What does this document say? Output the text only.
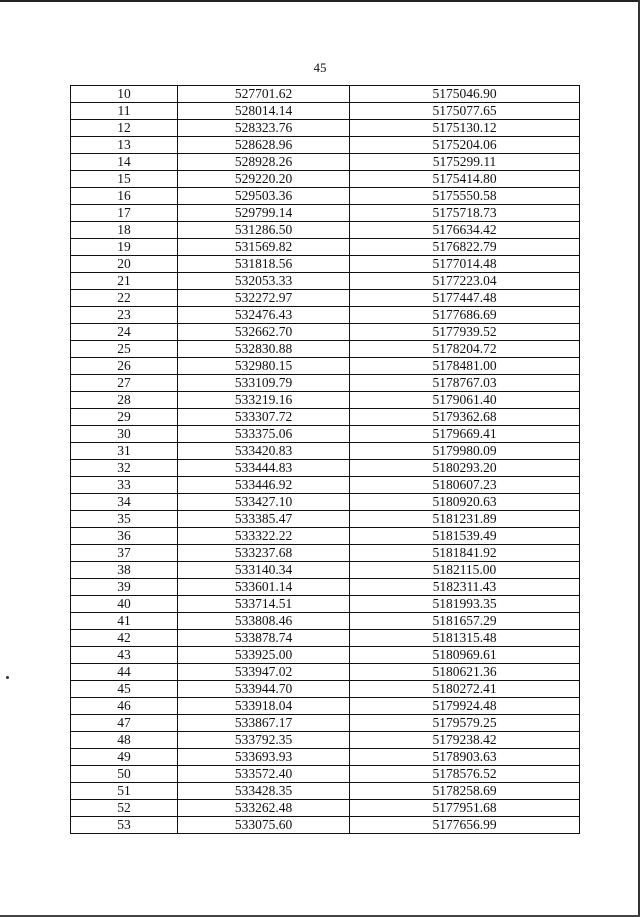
45
10	527701.62	5175046.90
11	528014.14	5175077.65
12	528323.76	5175130.12
13	528628.96	5175204.06
14	528928.26	5175299.11
15	529220.20	5175414.80
16	529503.36	5175550.58
17	529799.14	5175718.73
18	531286.50	5176634.42
19	531569.82	5176822.79
20	531818.56	5177014.48
21	532053.33	5177223.04
22	532272.97	5177447.48
23	532476.43	5177686.69
24	532662.70	5177939.52
25	532830.88	5178204.72
26	532980.15	5178481.00
27	533109.79	5178767.03
28	533219.16	5179061.40
29	533307.72	5179362.68
30	533375.06	5179669.41
31	533420.83	5179980.09
32	533444.83	5180293.20
33	533446.92	5180607.23
34	533427.10	5180920.63
35	533385.47	5181231.89
36	533322.22	5181539.49
37	533237.68	5181841.92
38	533140.34	5182115.00
39	533601.14	5182311.43
40	533714.51	5181993.35
41	533808.46	5181657.29
42	533878.74	5181315.48
43	533925.00	5180969.61
44	533947.02	5180621.36
45	533944.70	5180272.41
46	533918.04	5179924.48
47	533867.17	5179579.25
48	533792.35	5179238.42
49	533693.93	5178903.63
50	533572.40	5178576.52
51	533428.35	5178258.69
52	533262.48	5177951.68
53	533075.60	5177656.99
